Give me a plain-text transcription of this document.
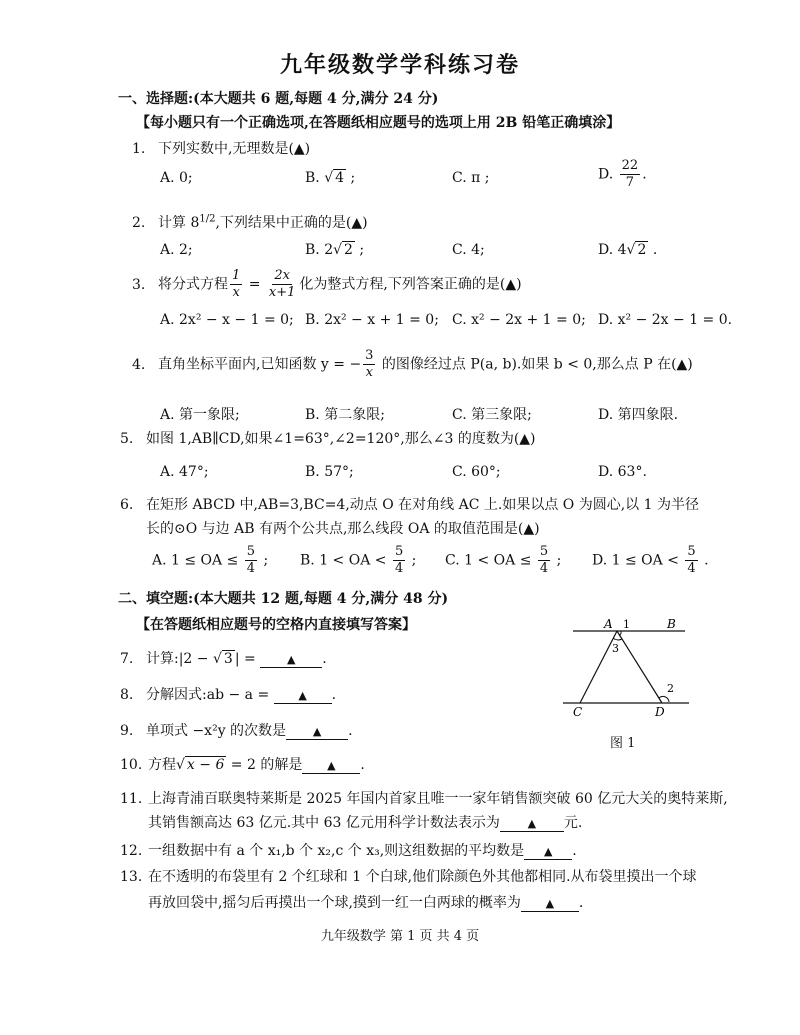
九年级数学学科练习卷
一、选择题:(本大题共 6 题,每题 4 分,满分 24 分)
【每小题只有一个正确选项,在答题纸相应题号的选项上用 2B 铅笔正确填涂】
1. 下列实数中,无理数是(▲)
A. 0;	B. √ 4 ;	C. π ;	D. $\frac{22}{7}$ .
2. 计算 $8^{1/2}$,下列结果中正确的是(▲)
A. 2;	B. 2√ 2 ;	C. 4;	D. 4√ 2 .
3. 将分式方程 $\frac{1}{x} = \frac{2x}{x+1}$ 化为整式方程,下列答案正确的是(▲)
A. 2x² − x − 1 = 0; B. 2x² − x + 1 = 0; C. x² − 2x + 1 = 0; D. x² − 2x − 1 = 0.
4. 直角坐标平面内,已知函数 y = − $\frac{3}{x}$ 的图像经过点 P(a, b).如果 b < 0,那么点 P 在(▲)
A. 第一象限;	B. 第二象限;	C. 第三象限;	D. 第四象限.
5. 如图 1,AB∥CD,如果∠1=63°,∠2=120°,那么∠3 的度数为(▲)
A. 47°;	B. 57°;	C. 60°;	D. 63°.
6. 在矩形 ABCD 中,AB=3,BC=4,动点 O 在对角线 AC 上.如果以点 O 为圆心,以 1 为半径
长的⊙O 与边 AB 有两个公共点,那么线段 OA 的取值范围是(▲)
A. 1 ≤ OA ≤ $\frac{5}{4}$ ; B. 1 < OA < $\frac{5}{4}$ ; C. 1 < OA ≤ $\frac{5}{4}$ ; D. 1 ≤ OA < $\frac{5}{4}$ .
二、填空题:(本大题共 12 题,每题 4 分,满分 48 分)
【在答题纸相应题号的空格内直接填写答案】
7. 计算:|2 − √ 3 | = ▲ .
8. 分解因式:ab − a = ▲ .
9. 单项式 −x²y 的次数是 ▲ .
10. 方程√ x − 6 = 2 的解是 ▲ .
11. 上海青浦百联奥特莱斯是 2025 年国内首家且唯一一家年销售额突破 60 亿元大关的奥特莱斯,
其销售额高达 63 亿元.其中 63 亿元用科学计数法表示为	▲ 元.
12. 一组数据中有 a 个 x₁,b 个 x₂,c 个 x₃,则这组数据的平均数是 ▲ .
13. 在不透明的布袋里有 2 个红球和 1 个白球,他们除颜色外其他都相同.从布袋里摸出一个球
再放回袋中,摇匀后再摸出一个球,摸到一红一白两球的概率为 ▲ .
A	B
C	D
1
2
3
图 1
九年级数学 第 1 页 共 4 页
